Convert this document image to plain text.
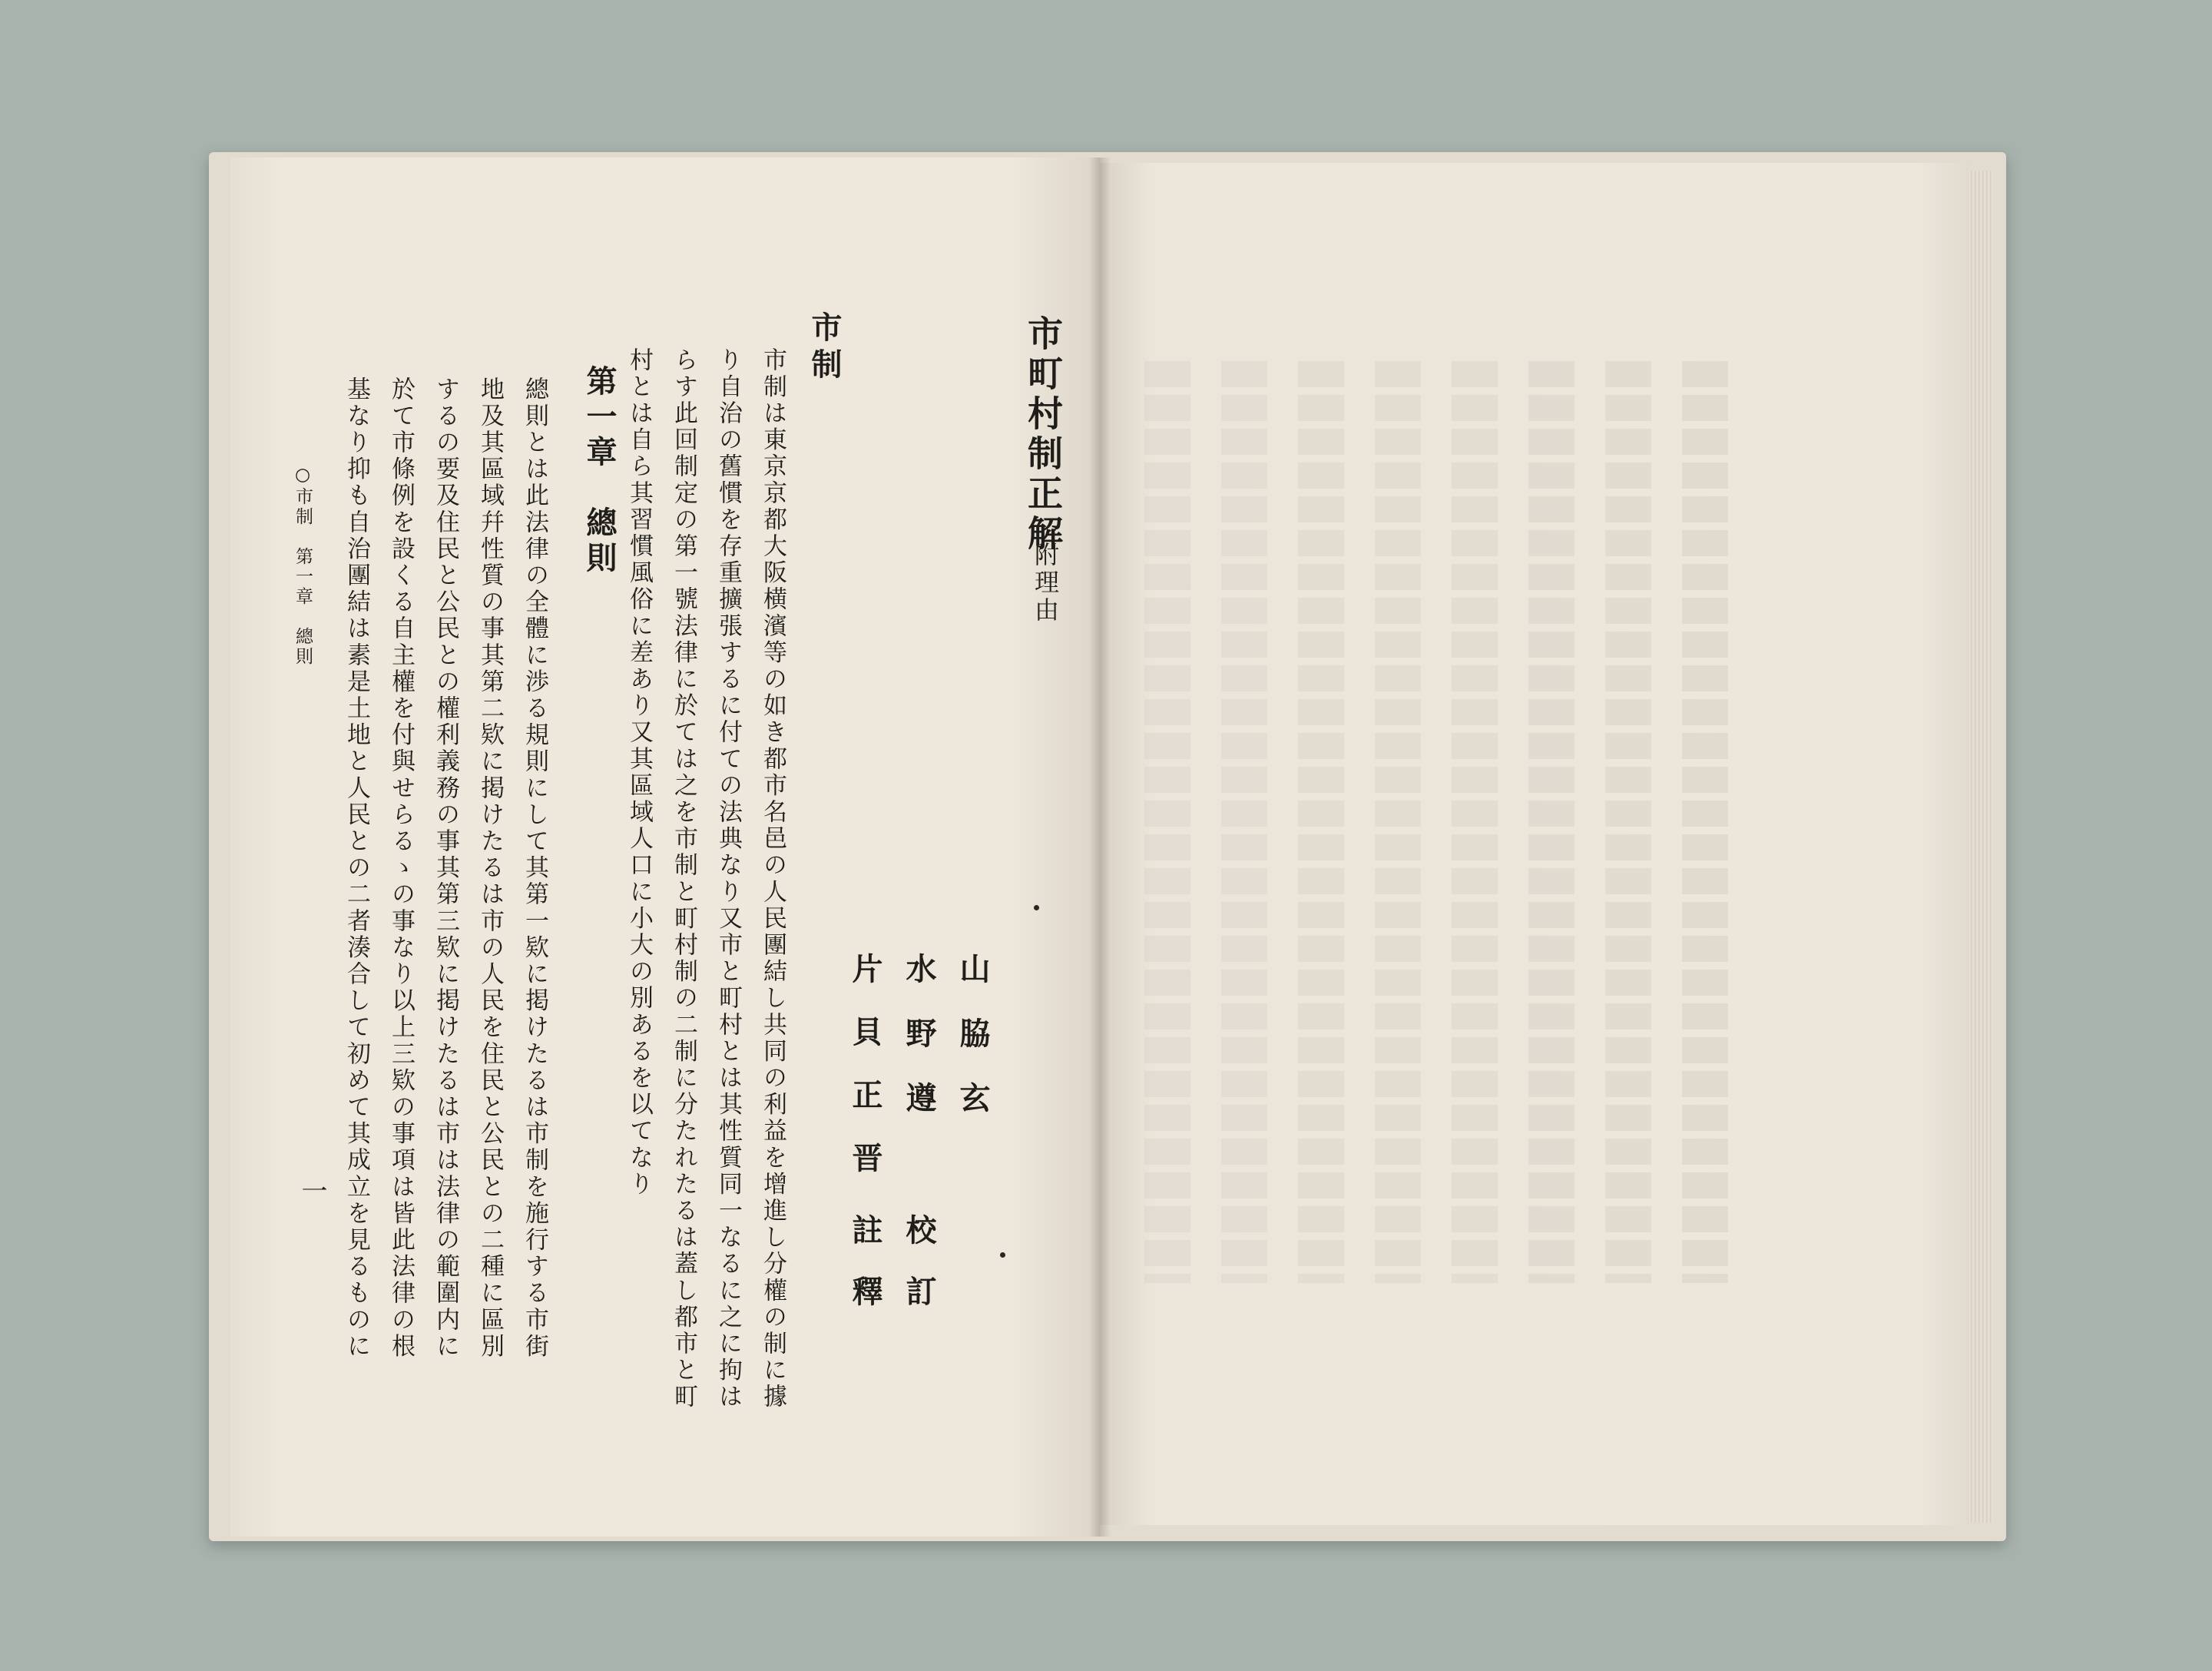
市町村制正解
附理由
山脇玄
水野遵
校訂
片貝正晋
註釋
市制
市制は東京京都大阪横濱等の如き都市名邑の人民團結し共同の利益を增進し分權の制に據
り自治の舊慣を存重擴張するに付ての法典なり又市と町村とは其性質同一なるに之に拘は
らす此回制定の第一號法律に於ては之を市制と町村制の二制に分たれたるは蓋し都市と町
村とは自ら其習慣風俗に差あり又其區域人口に小大の別あるを以てなり
第一章　總則
總則とは此法律の全體に渉る規則にして其第一欵に掲けたるは市制を施行する市街
地及其區域幷性質の事其第二欵に掲けたるは市の人民を住民と公民との二種に區別
するの要及住民と公民との權利義務の事其第三欵に掲けたるは市は法律の範圍内に
於て市條例を設くる自主權を付與せらるゝの事なり以上三欵の事項は皆此法律の根
基なり抑も自治團結は素是土地と人民との二者湊合して初めて其成立を見るものに
○市制　第一章　總則
一
